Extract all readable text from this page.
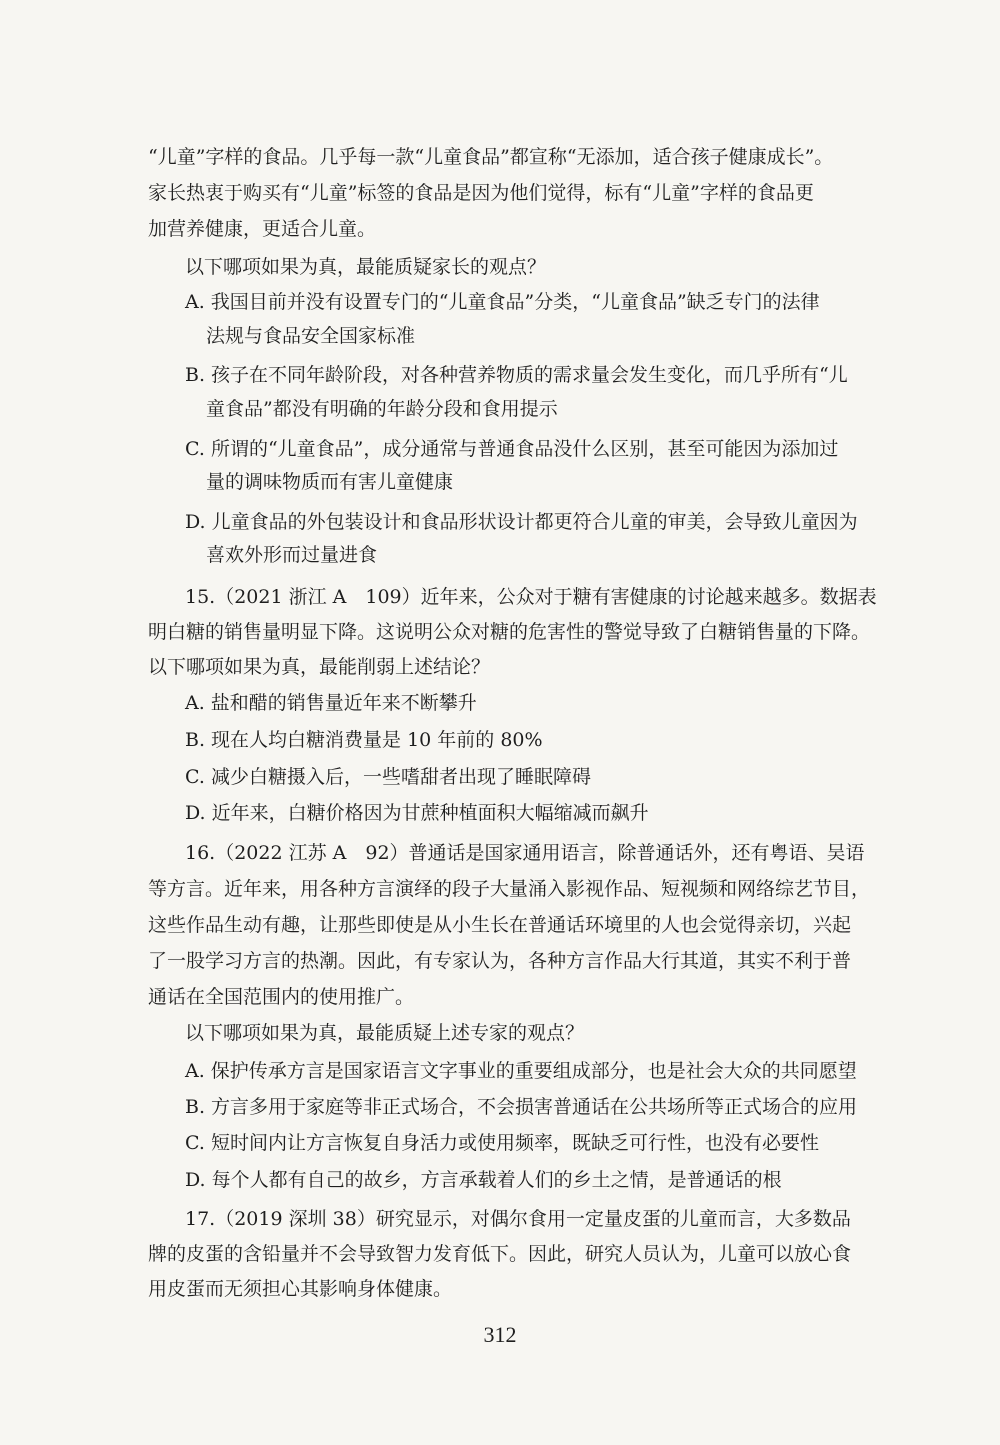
“儿童”字样的食品。几乎每一款“儿童食品”都宣称“无添加，适合孩子健康成长”。

家长热衷于购买有“儿童”标签的食品是因为他们觉得，标有“儿童”字样的食品更

加营养健康，更适合儿童。

以下哪项如果为真，最能质疑家长的观点？

A. 我国目前并没有设置专门的“儿童食品”分类，“儿童食品”缺乏专门的法律

法规与食品安全国家标准

B. 孩子在不同年龄阶段，对各种营养物质的需求量会发生变化，而几乎所有“儿

童食品”都没有明确的年龄分段和食用提示

C. 所谓的“儿童食品”，成分通常与普通食品没什么区别，甚至可能因为添加过

量的调味物质而有害儿童健康

D. 儿童食品的外包装设计和食品形状设计都更符合儿童的审美，会导致儿童因为

喜欢外形而过量进食

15.（2021 浙江 A　109）近年来，公众对于糖有害健康的讨论越来越多。数据表

明白糖的销售量明显下降。这说明公众对糖的危害性的警觉导致了白糖销售量的下降。

以下哪项如果为真，最能削弱上述结论？

A. 盐和醋的销售量近年来不断攀升

B. 现在人均白糖消费量是 10 年前的 80%

C. 减少白糖摄入后，一些嗜甜者出现了睡眠障碍

D. 近年来，白糖价格因为甘蔗种植面积大幅缩减而飙升

16.（2022 江苏 A　92）普通话是国家通用语言，除普通话外，还有粤语、吴语

等方言。近年来，用各种方言演绎的段子大量涌入影视作品、短视频和网络综艺节目，

这些作品生动有趣，让那些即使是从小生长在普通话环境里的人也会觉得亲切，兴起

了一股学习方言的热潮。因此，有专家认为，各种方言作品大行其道，其实不利于普

通话在全国范围内的使用推广。

以下哪项如果为真，最能质疑上述专家的观点？

A. 保护传承方言是国家语言文字事业的重要组成部分，也是社会大众的共同愿望

B. 方言多用于家庭等非正式场合，不会损害普通话在公共场所等正式场合的应用

C. 短时间内让方言恢复自身活力或使用频率，既缺乏可行性，也没有必要性

D. 每个人都有自己的故乡，方言承载着人们的乡土之情，是普通话的根

17.（2019 深圳 38）研究显示，对偶尔食用一定量皮蛋的儿童而言，大多数品

牌的皮蛋的含铅量并不会导致智力发育低下。因此，研究人员认为，儿童可以放心食

用皮蛋而无须担心其影响身体健康。

312
